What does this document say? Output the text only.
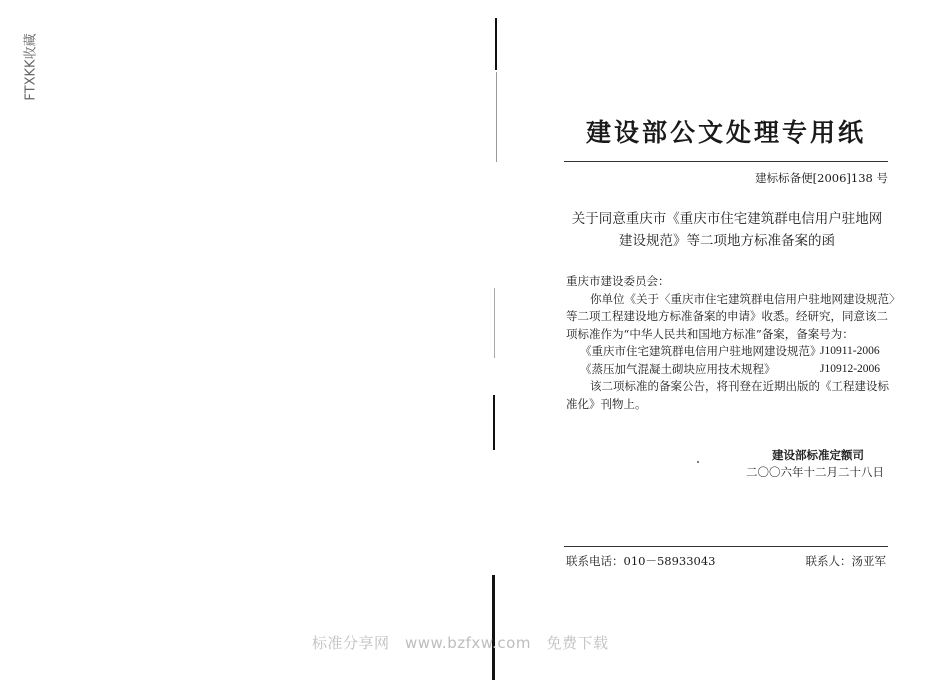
FTXKK收藏
建设部公文处理专用纸
建标标备便[2006]138 号
关于同意重庆市《重庆市住宅建筑群电信用户驻地网
建设规范》等二项地方标准备案的函
重庆市建设委员会：
你单位《关于〈重庆市住宅建筑群电信用户驻地网建设规范〉
等二项工程建设地方标准备案的申请》收悉。经研究，同意该二
项标准作为“中华人民共和国地方标准”备案，备案号为：
《重庆市住宅建筑群电信用户驻地网建设规范》
J10911-2006
《蒸压加气混凝土砌块应用技术规程》	J10912-2006
该二项标准的备案公告，将刊登在近期出版的《工程建设标
准化》刊物上。
建设部标准定额司
二〇〇六年十二月二十八日
联系电话：010－58933043	联系人：汤亚军
标准分享网　www.bzfxw.com　免费下载
